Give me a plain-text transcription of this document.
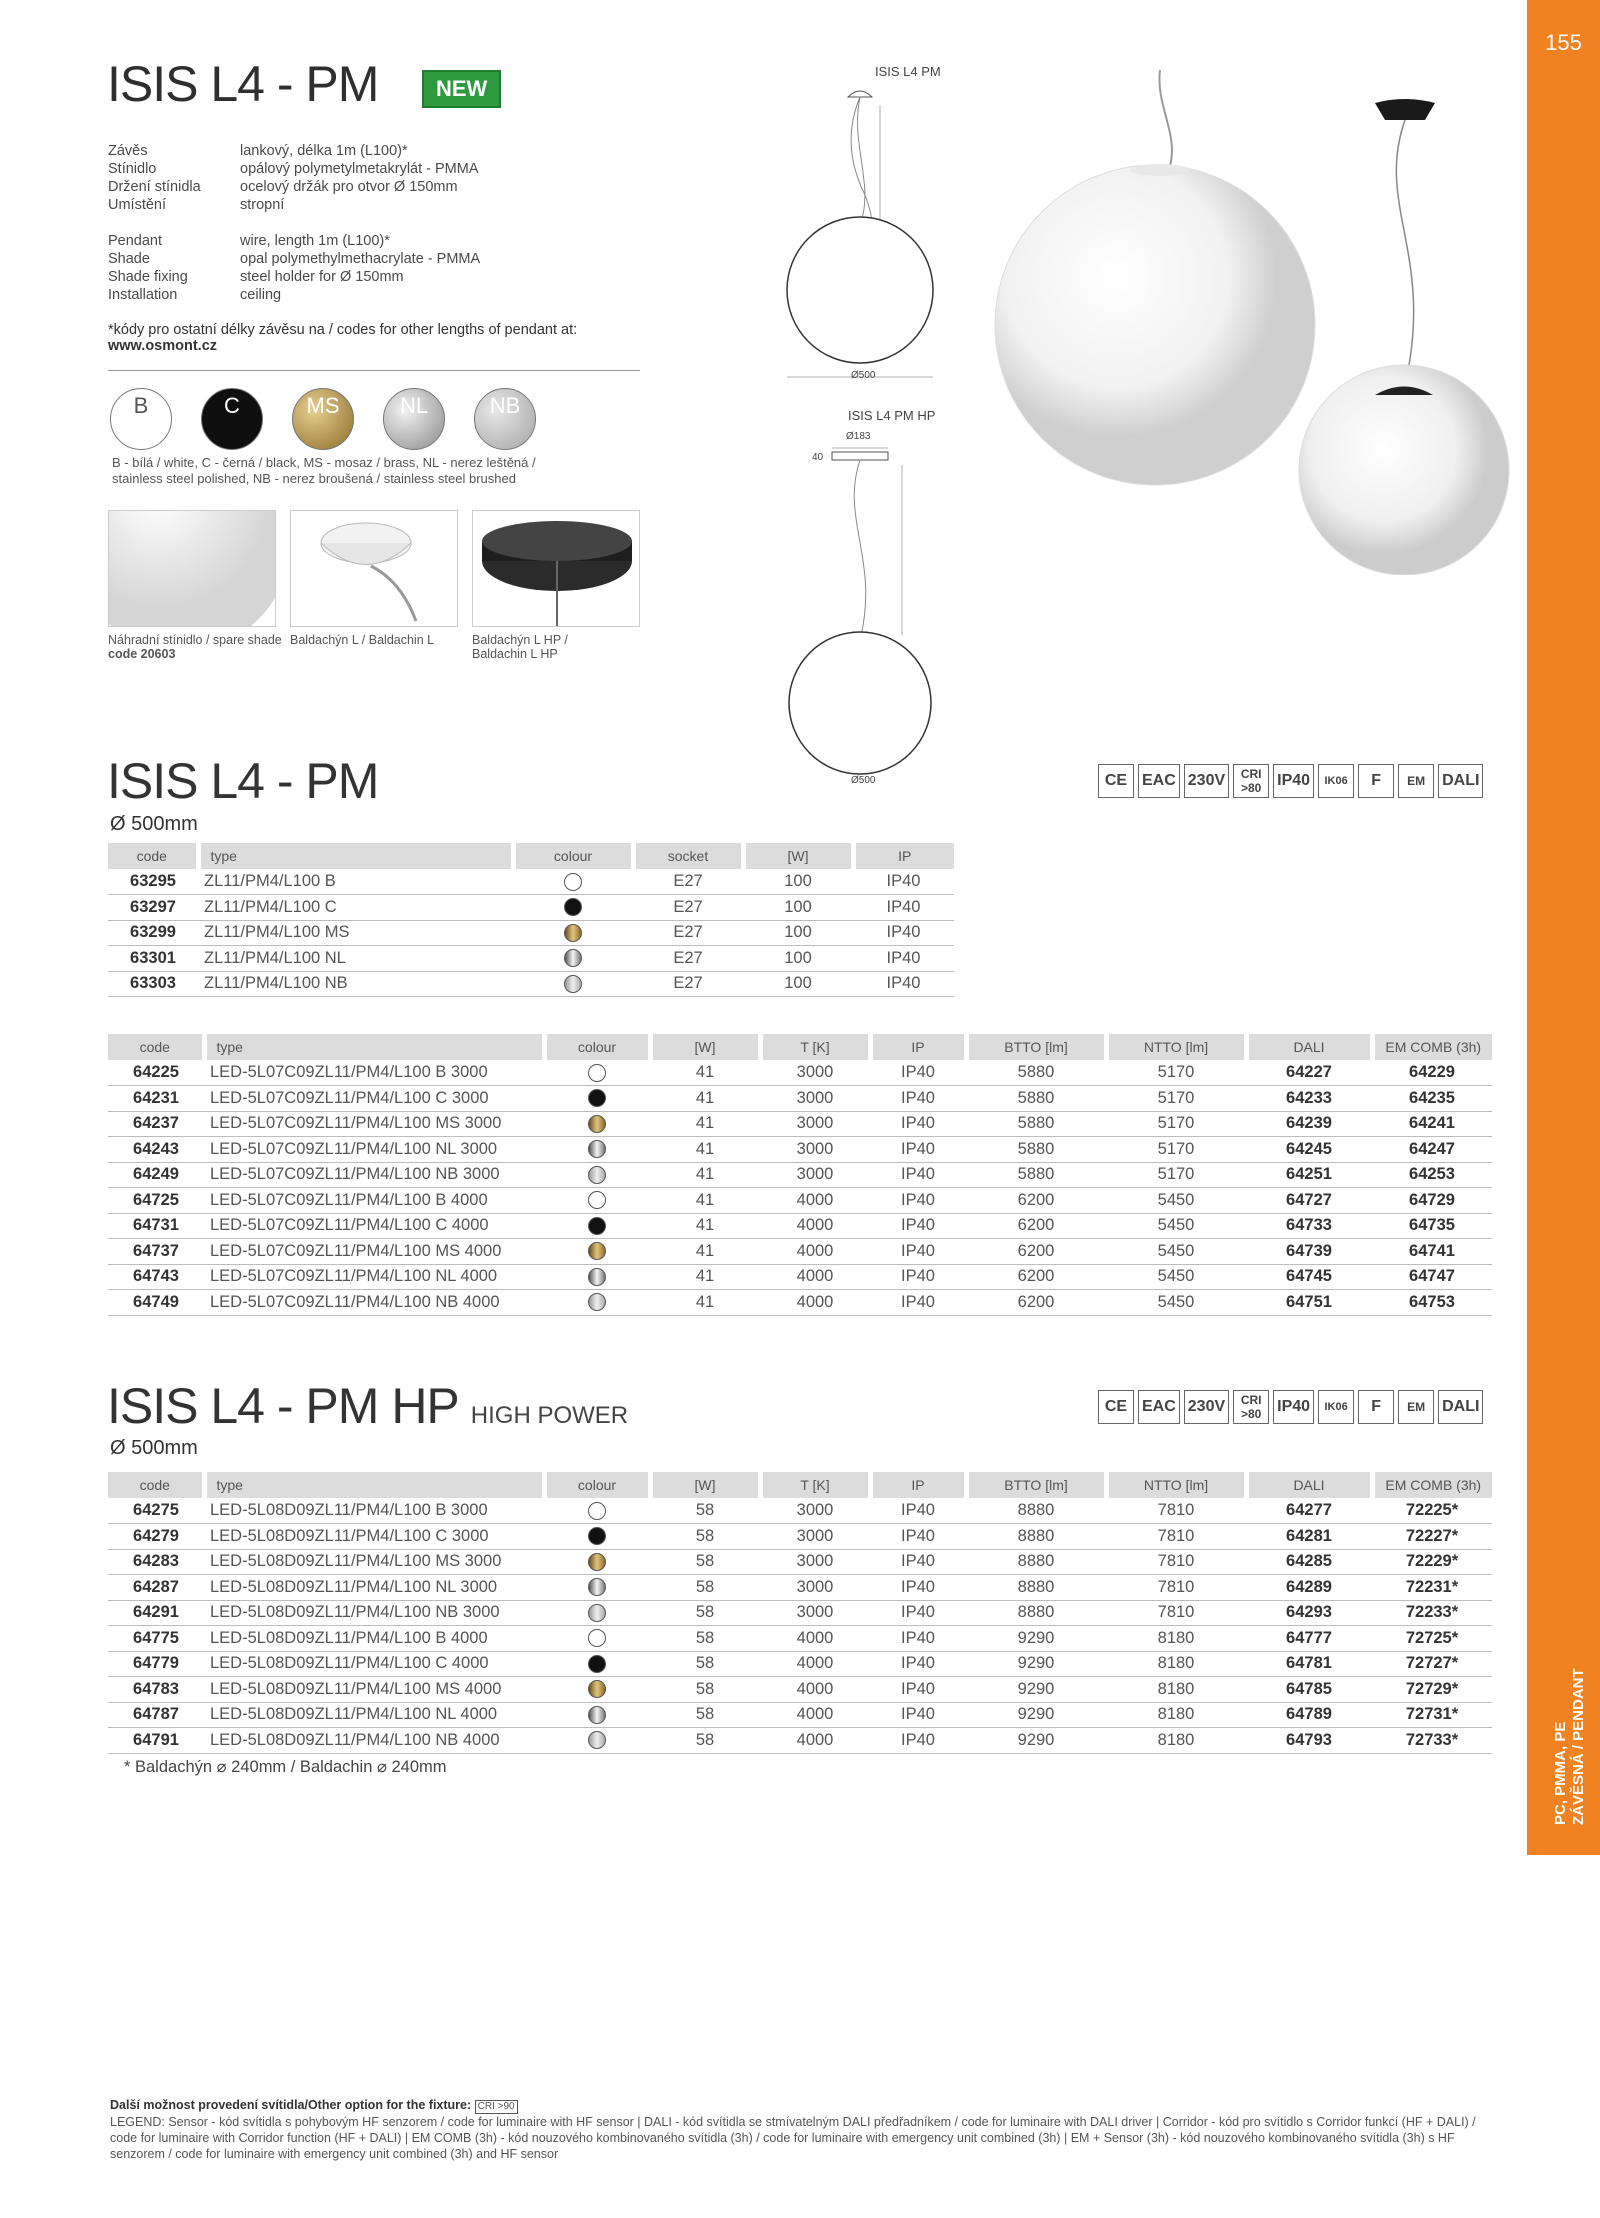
155
PC, PMMA, PE ZÁVĚSNÁ / PENDANT
ISIS L4 - PM	NEW
Závěs	lankový, délka 1m (L100)*
Stínidlo	opálový polymetylmetakrylát - PMMA
Držení stínidla	ocelový držák pro otvor Ø 150mm
Umístění	stropní
Pendant	wire, length 1m (L100)*
Shade	opal polymethylmethacrylate - PMMA
Shade fixing	steel holder for Ø 150mm
Installation	ceiling
*kódy pro ostatní délky závěsu na / codes for other lengths of pendant at:
www.osmont.cz
B	C	MS	NL	NB
B - bílá / white, C - černá / black, MS - mosaz / brass, NL - nerez leštěná /
stainless steel polished, NB - nerez broušená / stainless steel brushed
Náhradní stínidlo / spare shade
code 20603
Baldachýn L / Baldachin L	Baldachýn L HP /
Baldachin L HP
ISIS L4 PM
Ø500
ISIS L4 PM HP
Ø183
40
Ø500
ISIS L4 - PM
Ø 500mm
CE EAC 230V	CRI >80 IP40	IK06	F	EM	DALI
code	type	colour	socket	[W]	IP
63295	ZL11/PM4/L100 B		E27	100	IP40
63297	ZL11/PM4/L100 C		E27	100	IP40
63299	ZL11/PM4/L100 MS		E27	100	IP40
63301	ZL11/PM4/L100 NL		E27	100	IP40
63303	ZL11/PM4/L100 NB		E27	100	IP40
code	type	colour	[W]	T [K]	IP	BTTO [lm]	NTTO [lm]	DALI	EM COMB (3h)
64225	LED-5L07C09ZL11/PM4/L100 B 3000		41	3000	IP40	5880	5170	64227	64229
64231	LED-5L07C09ZL11/PM4/L100 C 3000		41	3000	IP40	5880	5170	64233	64235
64237	LED-5L07C09ZL11/PM4/L100 MS 3000		41	3000	IP40	5880	5170	64239	64241
64243	LED-5L07C09ZL11/PM4/L100 NL 3000		41	3000	IP40	5880	5170	64245	64247
64249	LED-5L07C09ZL11/PM4/L100 NB 3000		41	3000	IP40	5880	5170	64251	64253
64725	LED-5L07C09ZL11/PM4/L100 B 4000		41	4000	IP40	6200	5450	64727	64729
64731	LED-5L07C09ZL11/PM4/L100 C 4000		41	4000	IP40	6200	5450	64733	64735
64737	LED-5L07C09ZL11/PM4/L100 MS 4000		41	4000	IP40	6200	5450	64739	64741
64743	LED-5L07C09ZL11/PM4/L100 NL 4000		41	4000	IP40	6200	5450	64745	64747
64749	LED-5L07C09ZL11/PM4/L100 NB 4000		41	4000	IP40	6200	5450	64751	64753
ISIS L4 - PM HP HIGH POWER
Ø 500mm
CE EAC 230V	CRI >80 IP40	IK06	F	EM	DALI
code	type	colour	[W]	T [K]	IP	BTTO [lm]	NTTO [lm]	DALI	EM COMB (3h)
64275	LED-5L08D09ZL11/PM4/L100 B 3000		58	3000	IP40	8880	7810	64277	72225*
64279	LED-5L08D09ZL11/PM4/L100 C 3000		58	3000	IP40	8880	7810	64281	72227*
64283	LED-5L08D09ZL11/PM4/L100 MS 3000		58	3000	IP40	8880	7810	64285	72229*
64287	LED-5L08D09ZL11/PM4/L100 NL 3000		58	3000	IP40	8880	7810	64289	72231*
64291	LED-5L08D09ZL11/PM4/L100 NB 3000		58	3000	IP40	8880	7810	64293	72233*
64775	LED-5L08D09ZL11/PM4/L100 B 4000		58	4000	IP40	9290	8180	64777	72725*
64779	LED-5L08D09ZL11/PM4/L100 C 4000		58	4000	IP40	9290	8180	64781	72727*
64783	LED-5L08D09ZL11/PM4/L100 MS 4000		58	4000	IP40	9290	8180	64785	72729*
64787	LED-5L08D09ZL11/PM4/L100 NL 4000		58	4000	IP40	9290	8180	64789	72731*
64791	LED-5L08D09ZL11/PM4/L100 NB 4000		58	4000	IP40	9290	8180	64793	72733*
* Baldachýn ⌀ 240mm / Baldachin ⌀ 240mm
Další možnost provedení svítidla/Other option for the fixture: CRI >90
LEGEND: Sensor - kód svítidla s pohybovým HF senzorem / code for luminaire with HF sensor | DALI - kód svítidla se stmívatelným DALI předřadníkem / code for luminaire with DALI driver | Corridor - kód pro svítidlo s Corridor funkcí (HF + DALI) / code for luminaire with Corridor function (HF + DALI) | EM COMB (3h) - kód nouzového kombinovaného svítidla (3h) / code for luminaire with emergency unit combined (3h) | EM + Sensor (3h) - kód nouzového kombinovaného svítidla (3h) s HF senzorem / code for luminaire with emergency unit combined (3h) and HF sensor
